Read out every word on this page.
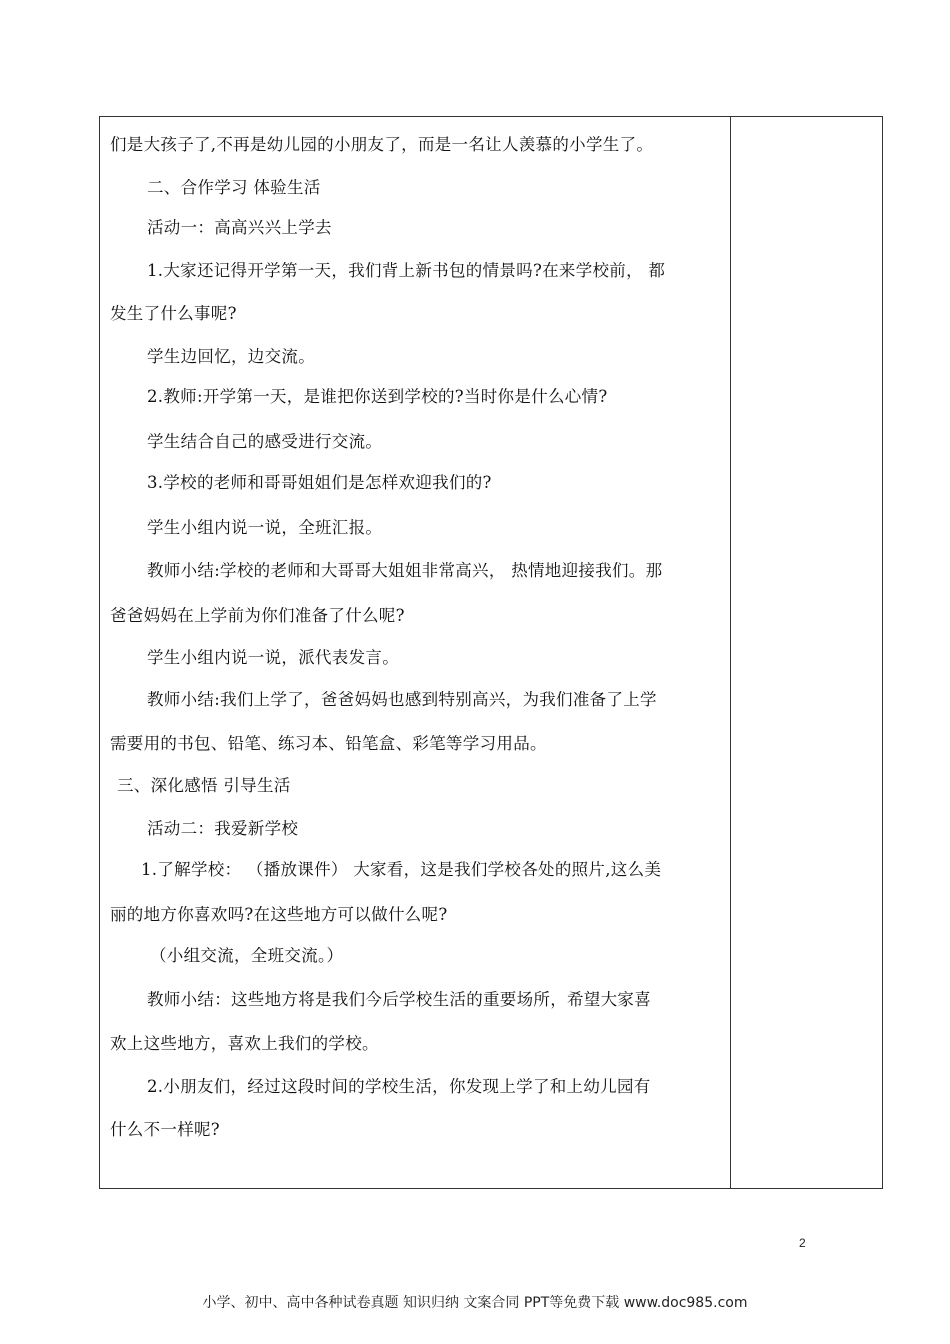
们是大孩子了,不再是幼儿园的小朋友了，而是一名让人羡慕的小学生了。
二、合作学习 体验生活
活动一：高高兴兴上学去
1.大家还记得开学第一天，我们背上新书包的情景吗?在来学校前， 都
发生了什么事呢?
学生边回忆，边交流。
2.教师:开学第一天，是谁把你送到学校的?当时你是什么心情?
学生结合自己的感受进行交流。
3.学校的老师和哥哥姐姐们是怎样欢迎我们的?
学生小组内说一说，全班汇报。
教师小结:学校的老师和大哥哥大姐姐非常高兴， 热情地迎接我们。那
爸爸妈妈在上学前为你们准备了什么呢?
学生小组内说一说，派代表发言。
教师小结:我们上学了，爸爸妈妈也感到特别高兴，为我们准备了上学
需要用的书包、铅笔、练习本、铅笔盒、彩笔等学习用品。
三、深化感悟 引导生活
活动二：我爱新学校
1.了解学校： （播放课件） 大家看，这是我们学校各处的照片,这么美
丽的地方你喜欢吗?在这些地方可以做什么呢?
（小组交流，全班交流。）
教师小结：这些地方将是我们今后学校生活的重要场所，希望大家喜
欢上这些地方，喜欢上我们的学校。
2.小朋友们，经过这段时间的学校生活，你发现上学了和上幼儿园有
什么不一样呢?
2
小学、初中、高中各种试卷真题 知识归纳 文案合同 PPT等免费下载 www.doc985.com
